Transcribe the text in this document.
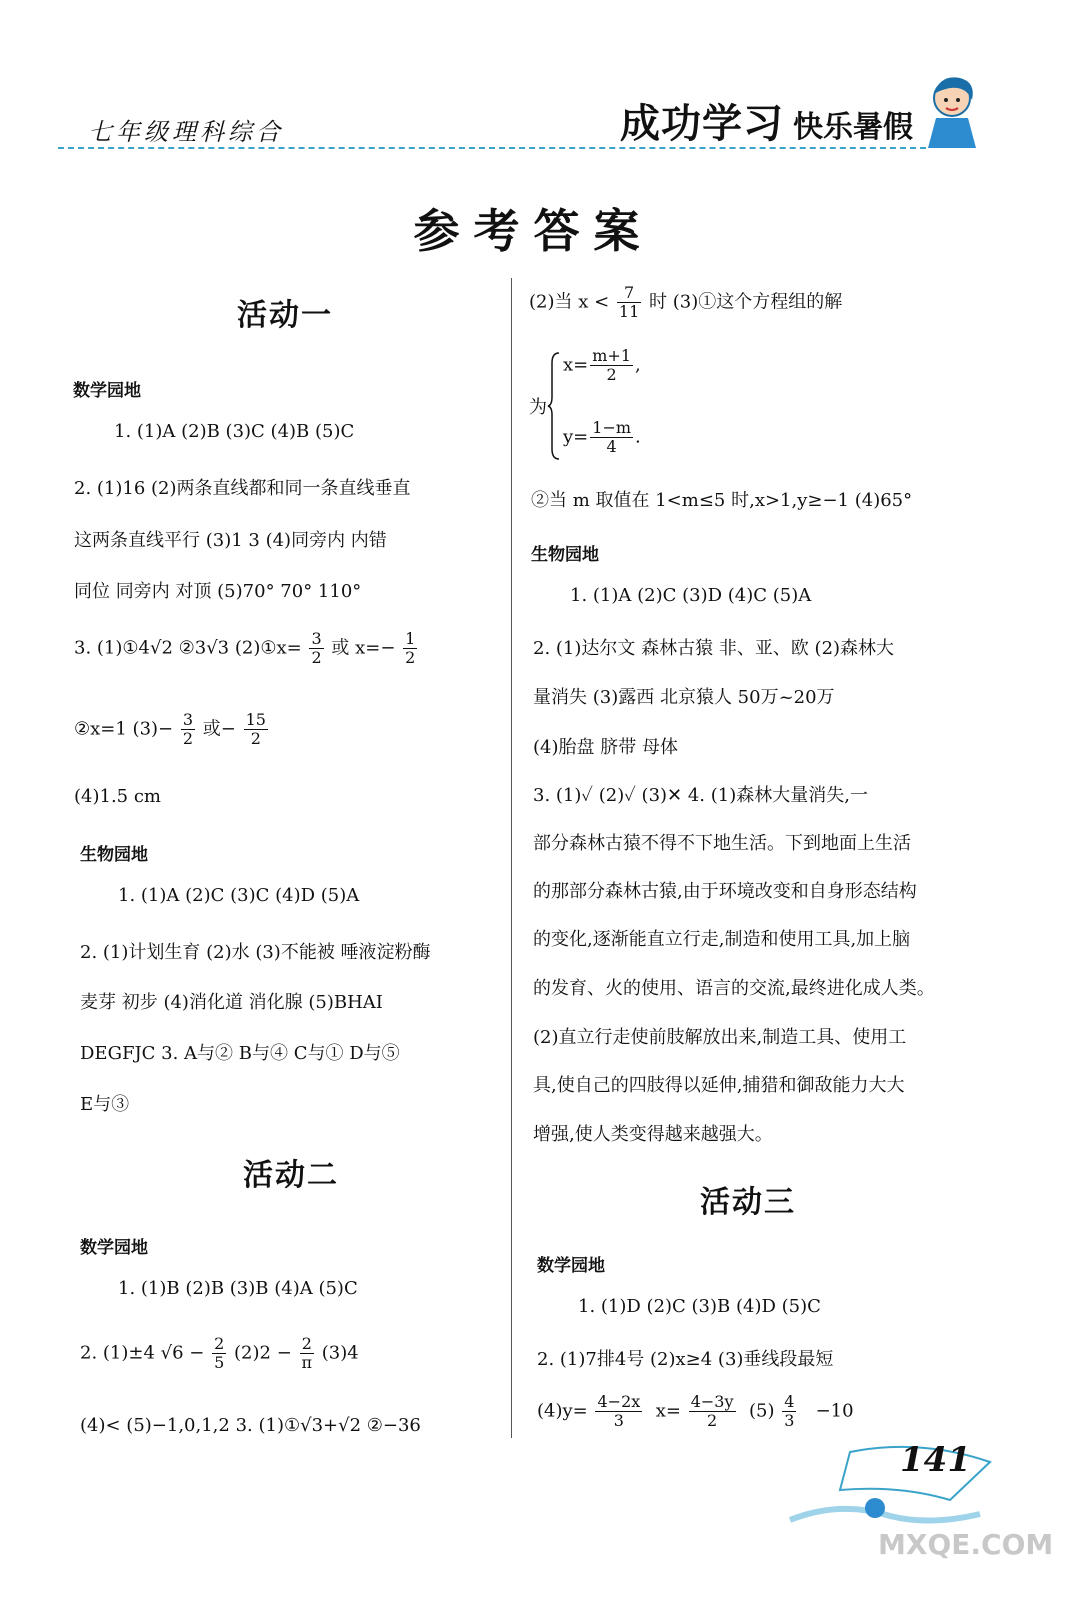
七年级理科综合	成功学习 快乐暑假
参考答案
活动一
数学园地
1. (1)A (2)B (3)C (4)B (5)C
2. (1)16 (2)两条直线都和同一条直线垂直
这两条直线平行 (3)1 3 (4)同旁内 内错
同位 同旁内 对顶 (5)70° 70° 110°
3. (1)①4√2 ②3√3 (2)①x= $\frac{3}{2}$ 或 $x=- \frac{1}{2}$
②x=1 $(3)- \frac{3}{2}$ 或− $\frac{15}{2}$
(4)1.5 cm
生物园地
1. (1)A (2)C (3)C (4)D (5)A
2. (1)计划生育 (2)水 (3)不能被 唾液淀粉酶
麦芽 初步 (4)消化道 消化腺 (5)BHAI
DEGFJC 3. A与② B与④ C与① D与⑤
E与③
活动二
数学园地
1. (1)B (2)B (3)B (4)A (5)C
2. (1)±4 $√6 - \frac{2}{5} (2)2 - \frac{2}{\pi} (3)4$
(4)< (5)−1,0,1,2 3. (1)①√3+√2 ②−36
(2)当 $x < \frac{7}{11}$ 时 (3)①这个方程组的解
为
$x= \frac{m+1}{2}$ ,
$y= \frac{1-m}{4}$ .
②当 m 取值在 1<m≤5 时,x>1,y≥−1 (4)65°
生物园地
1. (1)A (2)C (3)D (4)C (5)A
2. (1)达尔文 森林古猿 非、亚、欧 (2)森林大
量消失 (3)露西 北京猿人 50万~20万
(4)胎盘 脐带 母体
3. (1)✓ (2)✓ (3)✕ 4. (1)森林大量消失,一
部分森林古猿不得不下地生活。下到地面上生活
的那部分森林古猿,由于环境改变和自身形态结构
的变化,逐渐能直立行走,制造和使用工具,加上脑
的发育、火的使用、语言的交流,最终进化成人类。
(2)直立行走使前肢解放出来,制造工具、使用工
具,使自己的四肢得以延伸,捕猎和御敌能力大大
增强,使人类变得越来越强大。
活动三
数学园地
1. (1)D (2)C (3)B (4)D (5)C
2. (1)7排4号 (2)x≥4 (3)垂线段最短
$(4)y= \frac{4-2x}{3} x= \frac{4-3y}{2} (5) \frac{4}{3} -10$
141
MXQE.COM
